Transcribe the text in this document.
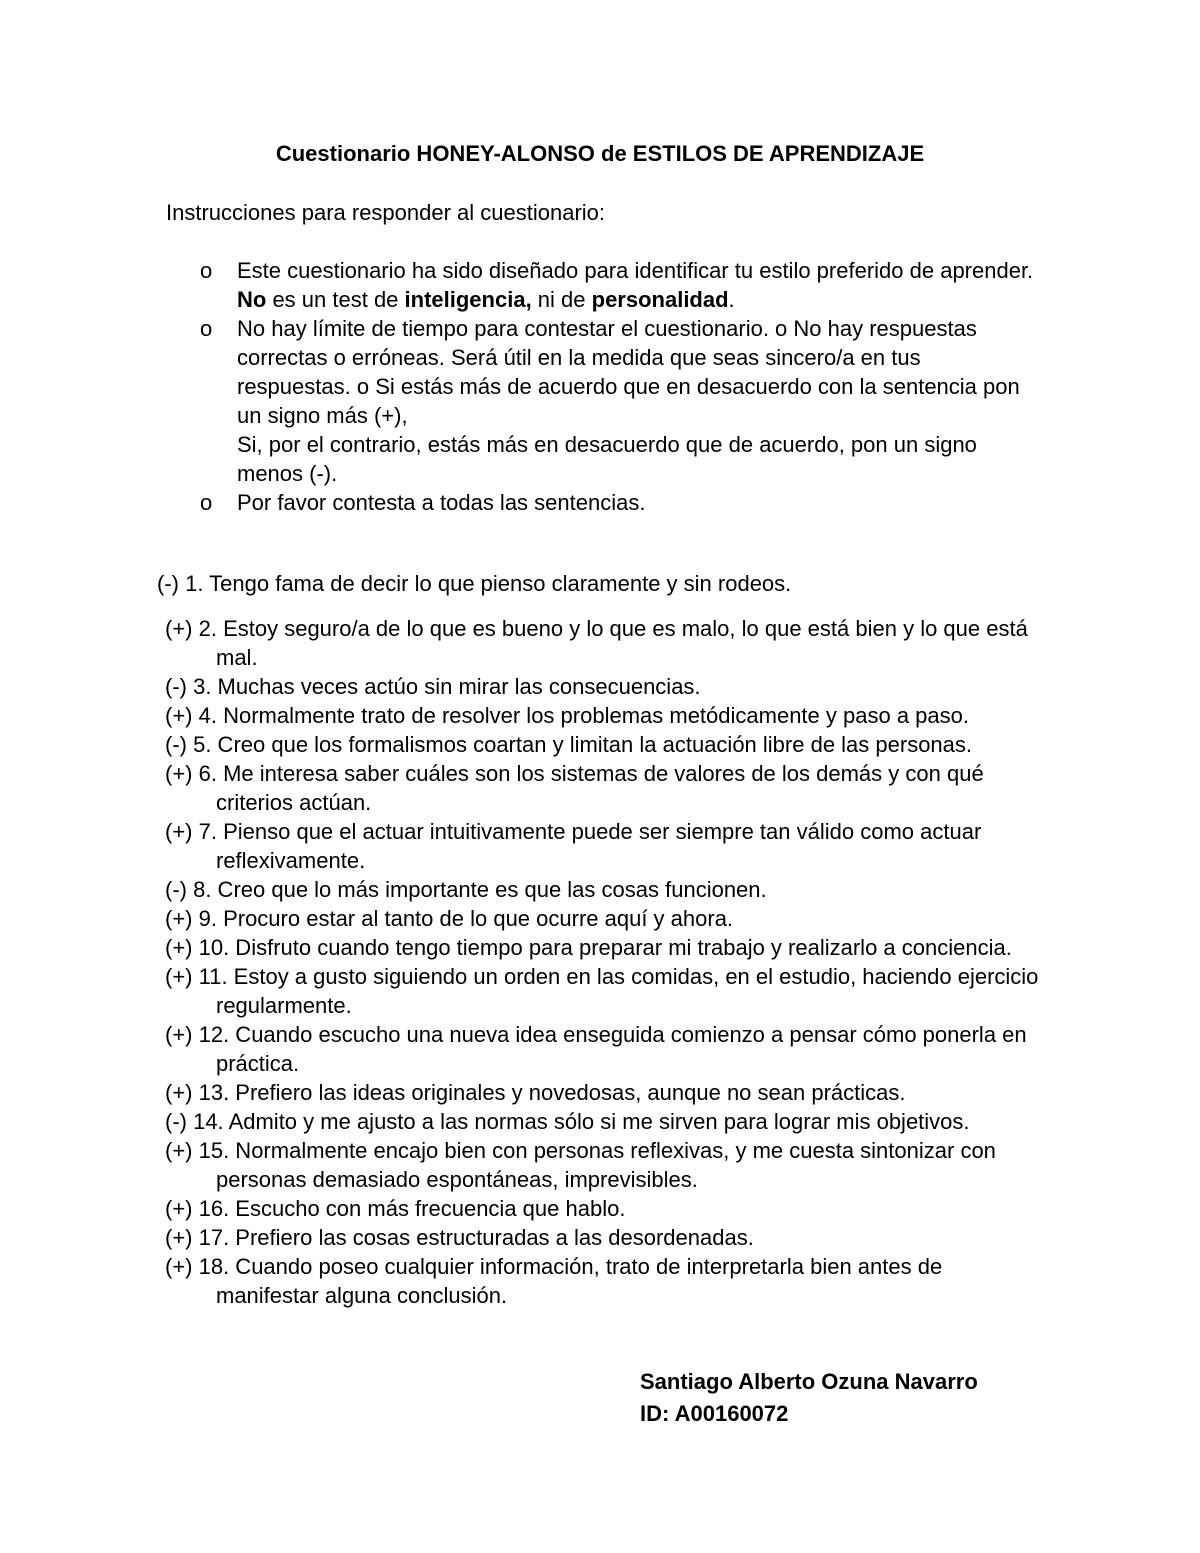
Cuestionario HONEY-ALONSO de ESTILOS DE APRENDIZAJE
Instrucciones para responder al cuestionario:
o Este cuestionario ha sido diseñado para identificar tu estilo preferido de aprender. No es un test de inteligencia, ni de personalidad.
o No hay límite de tiempo para contestar el cuestionario. o No hay respuestas correctas o erróneas. Será útil en la medida que seas sincero/a en tus respuestas. o Si estás más de acuerdo que en desacuerdo con la sentencia pon un signo más (+),
Si, por el contrario, estás más en desacuerdo que de acuerdo, pon un signo menos (-).
o Por favor contesta a todas las sentencias.
(-) 1. Tengo fama de decir lo que pienso claramente y sin rodeos.
(+) 2. Estoy seguro/a de lo que es bueno y lo que es malo, lo que está bien y lo que está mal.
(-) 3. Muchas veces actúo sin mirar las consecuencias.
(+) 4. Normalmente trato de resolver los problemas metódicamente y paso a paso.
(-) 5. Creo que los formalismos coartan y limitan la actuación libre de las personas.
(+) 6. Me interesa saber cuáles son los sistemas de valores de los demás y con qué criterios actúan.
(+) 7. Pienso que el actuar intuitivamente puede ser siempre tan válido como actuar reflexivamente.
(-) 8. Creo que lo más importante es que las cosas funcionen.
(+) 9. Procuro estar al tanto de lo que ocurre aquí y ahora.
(+) 10. Disfruto cuando tengo tiempo para preparar mi trabajo y realizarlo a conciencia.
(+) 11. Estoy a gusto siguiendo un orden en las comidas, en el estudio, haciendo ejercicio regularmente.
(+) 12. Cuando escucho una nueva idea enseguida comienzo a pensar cómo ponerla en práctica.
(+) 13. Prefiero las ideas originales y novedosas, aunque no sean prácticas.
(-) 14. Admito y me ajusto a las normas sólo si me sirven para lograr mis objetivos.
(+) 15. Normalmente encajo bien con personas reflexivas, y me cuesta sintonizar con personas demasiado espontáneas, imprevisibles.
(+) 16. Escucho con más frecuencia que hablo.
(+) 17. Prefiero las cosas estructuradas a las desordenadas.
(+) 18. Cuando poseo cualquier información, trato de interpretarla bien antes de manifestar alguna conclusión.
Santiago Alberto Ozuna Navarro
ID: A00160072
